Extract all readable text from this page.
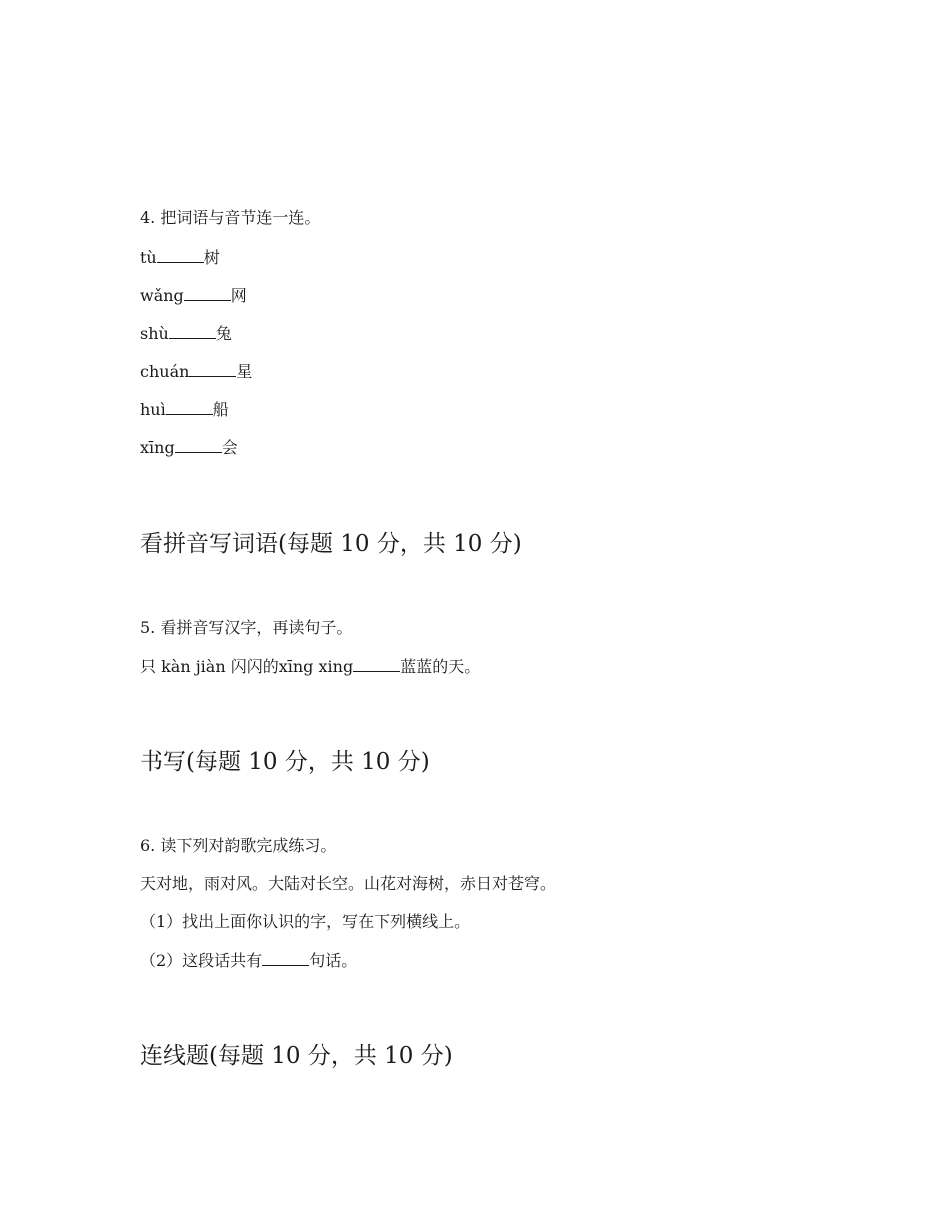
4. 把词语与音节连一连。
tù	树
wǎng	网
shù	兔
chuán	星
huì	船
xīng	会
看拼音写词语(每题 10 分，共 10 分)
5. 看拼音写汉字，再读句子。
只 kàn jiàn 闪闪的xīng xing	蓝蓝的天。
书写(每题 10 分，共 10 分)
6. 读下列对韵歌完成练习。
天对地，雨对风。大陆对长空。山花对海树，赤日对苍穹。
（1）找出上面你认识的字，写在下列横线上。
（2）这段话共有	句话。
连线题(每题 10 分，共 10 分)
